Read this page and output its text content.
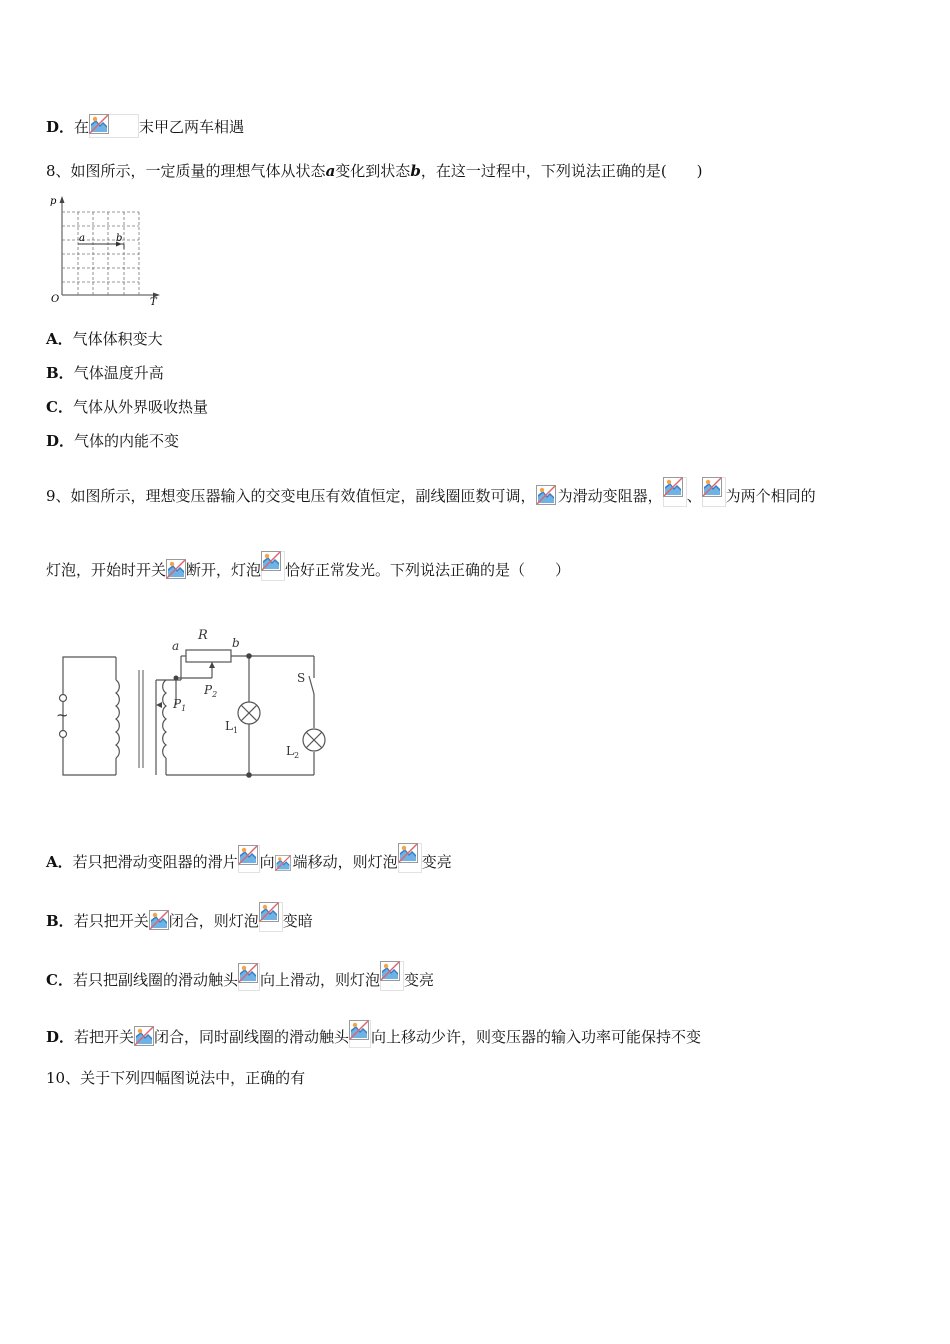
D．在	末甲乙两车相遇
8、如图所示，一定质量的理想气体从状态a变化到状态b，在这一过程中，下列说法正确的是(　　)
p
T
O
a	b
A．气体体积变大
B．气体温度升高
C．气体从外界吸收热量
D．气体的内能不变
9、如图所示，理想变压器输入的交变电压有效值恒定，副线圈匝数可调， 为滑动变阻器， 、 为两个相同的
灯泡，开始时开关 断开，灯泡 恰好正常发光。下列说法正确的是（　　）
R
a	b
$P_2$
$P_1$
S
$L_1$
$L_2$
~
A．若只把滑动变阻器的滑片 向 端移动，则灯泡 变亮
B．若只把开关 闭合，则灯泡 变暗
C．若只把副线圈的滑动触头 向上滑动，则灯泡 变亮
D．若把开关 闭合，同时副线圈的滑动触头 向上移动少许，则变压器的输入功率可能保持不变
10、关于下列四幅图说法中，正确的有
